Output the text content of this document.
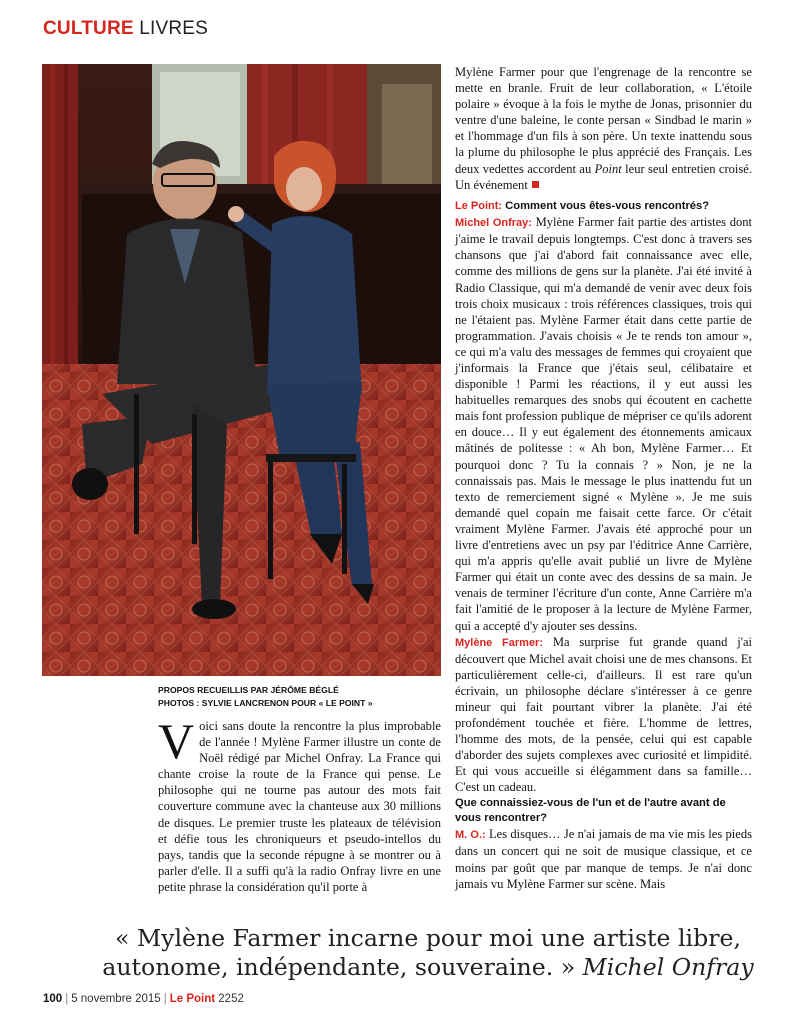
CULTURE LIVRES
PROPOS RECUEILLIS PAR JÉRÔME BÉGLÉ
PHOTOS : SYLVIE LANCRENON POUR « LE POINT »

Voici sans doute la rencontre la plus improbable de l'année ! Mylène Farmer illustre un conte de Noël rédigé par Michel Onfray. La France qui chante croise la route de la France qui pense. Le philosophe qui ne tourne pas autour des mots fait couverture commune avec la chanteuse aux 30 millions de disques. Le premier truste les plateaux de télévision et défie tous les chroniqueurs et pseudo-intellos du pays, tandis que la seconde répugne à se montrer ou à parler d'elle. Il a suffi qu'à la radio Onfray livre en une petite phrase la considération qu'il porte à

Mylène Farmer pour que l'engrenage de la rencontre se mette en branle. Fruit de leur collaboration, « L'étoile polaire » évoque à la fois le mythe de Jonas, prisonnier du ventre d'une baleine, le conte persan « Sindbad le marin » et l'hommage d'un fils à son père. Un texte inattendu sous la plume du philosophe le plus apprécié des Français. Les deux vedettes accordent au Point leur seul entretien croisé. Un événement

Le Point: Comment vous êtes-vous rencontrés?

Michel Onfray: Mylène Farmer fait partie des artistes dont j'aime le travail depuis longtemps. C'est donc à travers ses chansons que j'ai d'abord fait connaissance avec elle, comme des millions de gens sur la planète. J'ai été invité à Radio Classique, qui m'a demandé de venir avec deux fois trois choix musicaux : trois références classiques, trois qui ne l'étaient pas. Mylène Farmer était dans cette partie de programmation. J'avais choisis « Je te rends ton amour », ce qui m'a valu des messages de femmes qui croyaient que j'informais la France que j'étais seul, célibataire et disponible ! Parmi les réactions, il y eut aussi les habituelles remarques des snobs qui écoutent en cachette mais font profession publique de mépriser ce qu'ils adorent en douce… Il y eut également des étonnements amicaux mâtinés de politesse : « Ah bon, Mylène Farmer… Et pourquoi donc ? Tu la connais ? » Non, je ne la connaissais pas. Mais le message le plus inattendu fut un texto de remerciement signé « Mylène ». Je me suis demandé quel copain me faisait cette farce. Or c'était vraiment Mylène Farmer. J'avais été approché pour un livre d'entretiens avec un psy par l'éditrice Anne Carrière, qui m'a appris qu'elle avait publié un livre de Mylène Farmer qui était un conte avec des dessins de sa main. Je venais de terminer l'écriture d'un conte, Anne Carrière m'a fait l'amitié de le proposer à la lecture de Mylène Farmer, qui a accepté d'y ajouter ses dessins.

Mylène Farmer: Ma surprise fut grande quand j'ai découvert que Michel avait choisi une de mes chansons. Et particulièrement celle-ci, d'ailleurs. Il est rare qu'un écrivain, un philosophe déclare s'intéresser à ce genre mineur qui fait pourtant vibrer la planète. J'ai été profondément touchée et fière. L'homme de lettres, l'homme des mots, de la pensée, celui qui est capable d'aborder des sujets complexes avec curiosité et limpidité. Et qui vous accueille si élégamment dans sa famille… C'est un cadeau.

Que connaissiez-vous de l'un et de l'autre avant de vous rencontrer?

M. O.: Les disques… Je n'ai jamais de ma vie mis les pieds dans un concert qui ne soit de musique classique, et ce moins par goût que par manque de temps. Je n'ai donc jamais vu Mylène Farmer sur scène. Mais

« Mylène Farmer incarne pour moi une artiste libre, autonome, indépendante, souveraine. » Michel Onfray
100 | 5 novembre 2015 | Le Point 2252
